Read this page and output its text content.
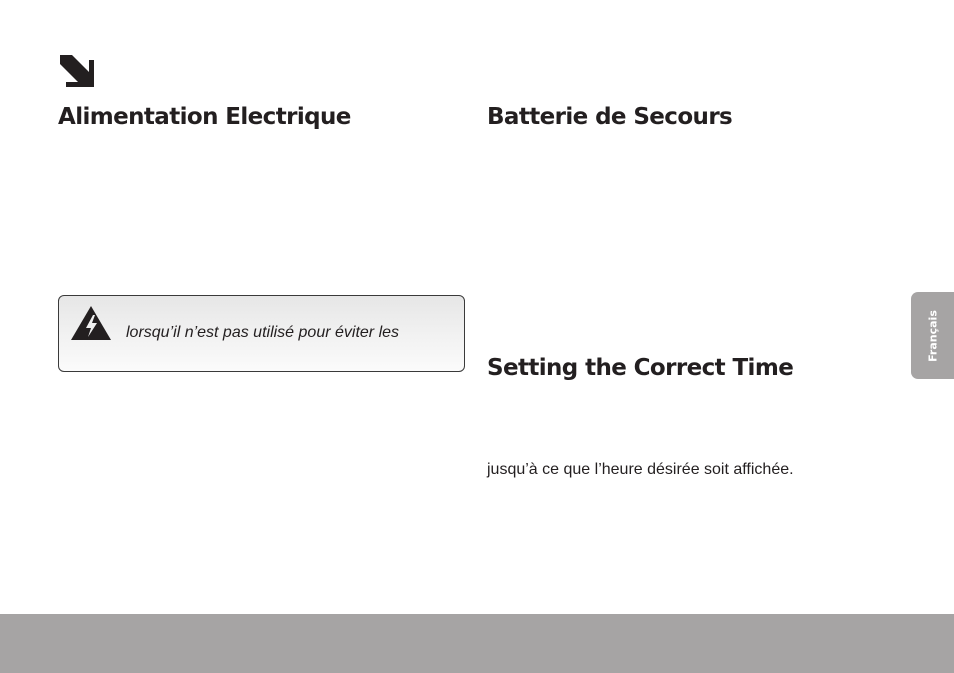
Alimentation Electrique	Batterie de Secours
lorsqu’il n’est pas utilisé pour éviter les
Setting the Correct Time
jusqu’à ce que l’heure désirée soit affichée.
Français
